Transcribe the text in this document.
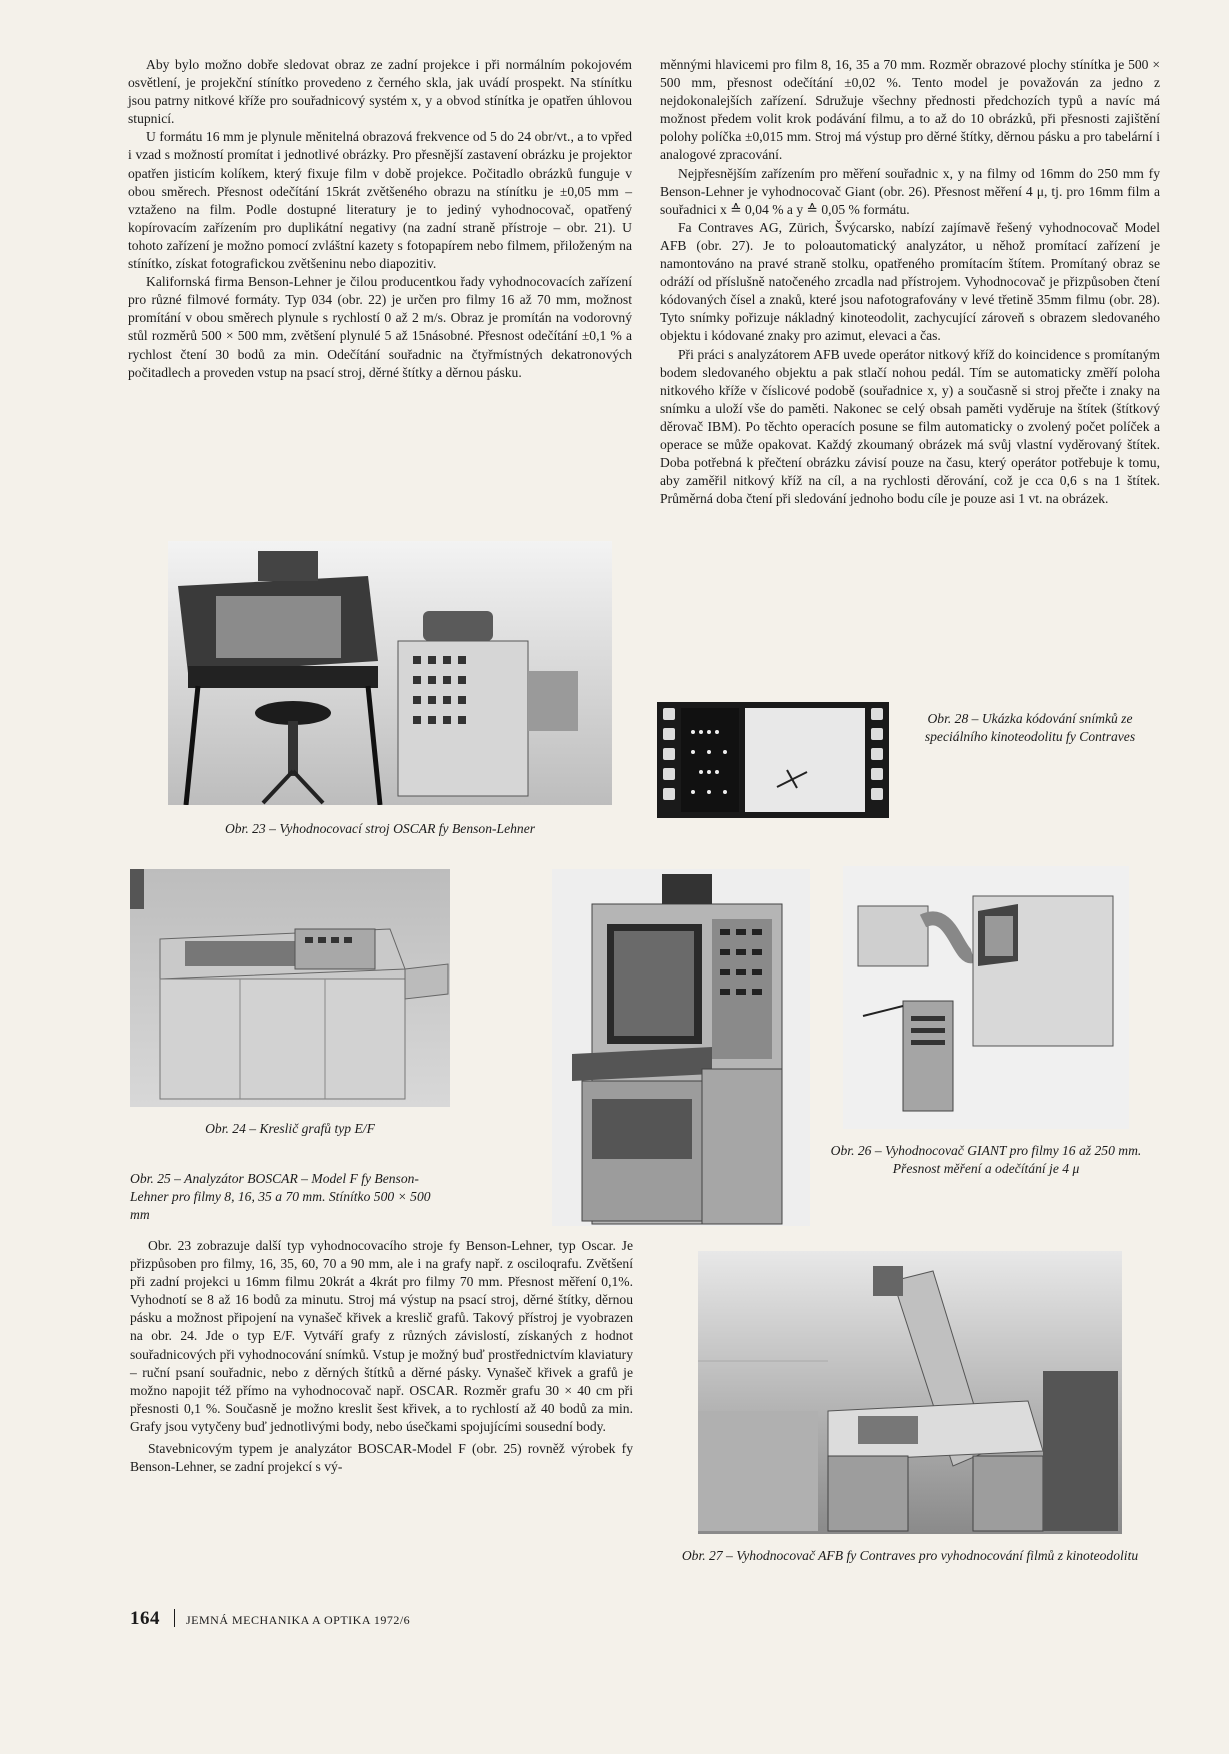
Aby bylo možno dobře sledovat obraz ze zadní projekce i při normálním pokojovém osvětlení, je projekční stínítko provedeno z černého skla, jak uvádí prospekt. Na stínítku jsou patrny nitkové kříže pro souřadnicový systém x, y a obvod stínítka je opatřen úhlovou stupnicí.

U formátu 16 mm je plynule měnitelná obrazová frekvence od 5 do 24 obr/vt., a to vpřed i vzad s možností promítat i jednotlivé obrázky. Pro přesnější zastavení obrázku je projektor opatřen jisticím kolíkem, který fixuje film v době projekce. Počitadlo obrázků funguje v obou směrech. Přesnost odečítání 15krát zvětšeného obrazu na stínítku je ±0,05 mm – vztaženo na film. Podle dostupné literatury je to jediný vyhodnocovač, opatřený kopírovacím zařízením pro duplikátní negativy (na zadní straně přístroje – obr. 21). U tohoto zařízení je možno pomocí zvláštní kazety s fotopapírem nebo filmem, přiloženým na stínítko, získat fotografickou zvětšeninu nebo diapozitiv.

Kalifornská firma Benson-Lehner je čilou producentkou řady vyhodnocovacích zařízení pro různé filmové formáty. Typ 034 (obr. 22) je určen pro filmy 16 až 70 mm, možnost promítání v obou směrech plynule s rychlostí 0 až 2 m/s. Obraz je promítán na vodorovný stůl rozměrů 500 × 500 mm, zvětšení plynulé 5 až 15násobné. Přesnost odečítání ±0,1 % a rychlost čtení 30 bodů za min. Odečítání souřadnic na čtyřmístných dekatronových počitadlech a proveden vstup na psací stroj, děrné štítky a děrnou pásku.

měnnými hlavicemi pro film 8, 16, 35 a 70 mm. Rozměr obrazové plochy stínítka je 500 × 500 mm, přesnost odečítání ±0,02 %. Tento model je považován za jedno z nejdokonalejších zařízení. Sdružuje všechny přednosti předchozích typů a navíc má možnost předem volit krok podávání filmu, a to až do 10 obrázků, při přesnosti zajištění polohy políčka ±0,015 mm. Stroj má výstup pro děrné štítky, děrnou pásku a pro tabelární i analogové zpracování.

Nejpřesnějším zařízením pro měření souřadnic x, y na filmy od 16mm do 250 mm fy Benson-Lehner je vyhodnocovač Giant (obr. 26). Přesnost měření 4 μ, tj. pro 16mm film a souřadnici x ≙ 0,04 % a y ≙ 0,05 % formátu.

Fa Contraves AG, Zürich, Švýcarsko, nabízí zajímavě řešený vyhodnocovač Model AFB (obr. 27). Je to poloautomatický analyzátor, u něhož promítací zařízení je namontováno na pravé straně stolku, opatřeného promítacím štítem. Promítaný obraz se odráží od příslušně natočeného zrcadla nad přístrojem. Vyhodnocovač je přizpůsoben čtení kódovaných čísel a znaků, které jsou nafotografovány v levé třetině 35mm filmu (obr. 28). Tyto snímky pořizuje nákladný kinoteodolit, zachycující zároveň s obrazem sledovaného objektu i kódované znaky pro azimut, elevaci a čas.

Při práci s analyzátorem AFB uvede operátor nitkový kříž do koincidence s promítaným bodem sledovaného objektu a pak stlačí nohou pedál. Tím se automaticky změří poloha nitkového kříže v číslicové podobě (souřadnice x, y) a současně si stroj přečte i znaky na snímku a uloží vše do paměti. Nakonec se celý obsah paměti vyděruje na štítek (štítkový děrovač IBM). Po těchto operacích posune se film automaticky o zvolený počet políček a operace se může opakovat. Každý zkoumaný obrázek má svůj vlastní vyděrovaný štítek. Doba potřebná k přečtení obrázku závisí pouze na času, který operátor potřebuje k tomu, aby zaměřil nitkový kříž na cíl, a na rychlosti děrování, což je cca 0,6 s na 1 štítek. Průměrná doba čtení při sledování jednoho bodu cíle je pouze asi 1 vt. na obrázek.

Obr. 23 – Vyhodnocovací stroj OSCAR fy Benson-Lehner
Obr. 28 – Ukázka kódování snímků ze speciálního kinoteodolitu fy Contraves
Obr. 24 – Kreslič grafů typ E/F
Obr. 25 – Analyzátor BOSCAR – Model F fy Benson-Lehner pro filmy 8, 16, 35 a 70 mm. Stínítko 500 × 500 mm
Obr. 26 – Vyhodnocovač GIANT pro filmy 16 až 250 mm. Přesnost měření a odečítání je 4 μ

Obr. 23 zobrazuje další typ vyhodnocovacího stroje fy Benson-Lehner, typ Oscar. Je přizpůsoben pro filmy, 16, 35, 60, 70 a 90 mm, ale i na grafy např. z osciloqrafu. Zvětšení při zadní projekci u 16mm filmu 20krát a 4krát pro filmy 70 mm. Přesnost měření 0,1%. Vyhodnotí se 8 až 16 bodů za minutu. Stroj má výstup na psací stroj, děrné štítky, děrnou pásku a možnost připojení na vynašeč křivek a kreslič grafů. Takový přístroj je vyobrazen na obr. 24. Jde o typ E/F. Vytváří grafy z různých závislostí, získaných z hodnot souřadnicových při vyhodnocování snímků. Vstup je možný buď prostřednictvím klaviatury – ruční psaní souřadnic, nebo z děrných štítků a děrné pásky. Vynašeč křivek a grafů je možno napojit též přímo na vyhodnocovač např. OSCAR. Rozměr grafu 30 × 40 cm při přesnosti 0,1 %. Současně je možno kreslit šest křivek, a to rychlostí až 40 bodů za min. Grafy jsou vytyčeny buď jednotlivými body, nebo úsečkami spojujícími sousední body.

Stavebnicovým typem je analyzátor BOSCAR-Model F (obr. 25) rovněž výrobek fy Benson-Lehner, se zadní projekcí s vý-

Obr. 27 – Vyhodnocovač AFB fy Contraves pro vyhodnocování filmů z kinoteodolitu
164 JEMNÁ MECHANIKA A OPTIKA 1972/6
